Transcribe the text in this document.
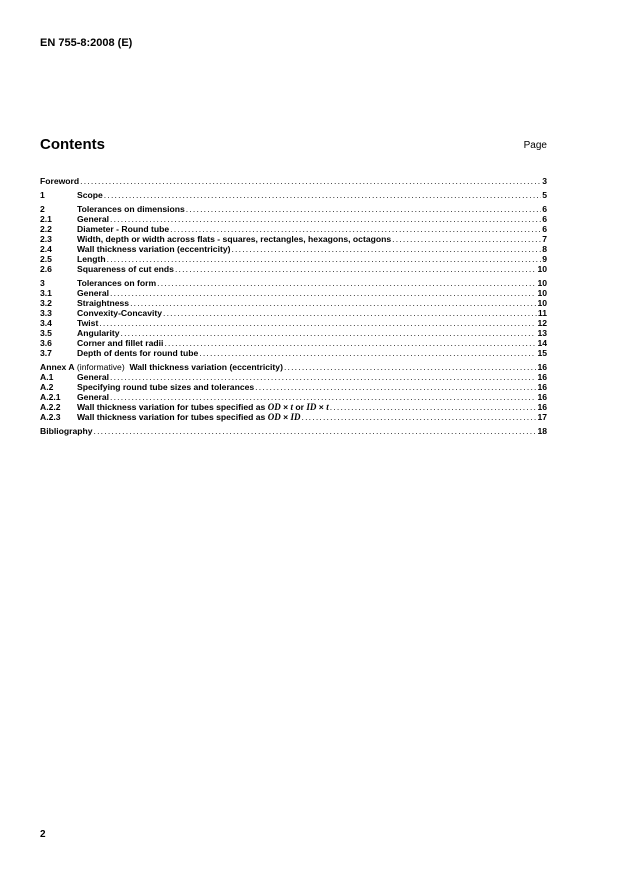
EN 755-8:2008 (E)
Contents	Page
Foreword . . .	3
1	Scope . . .	5
2	Tolerances on dimensions . . .	6
2.1	General . . .	6
2.2	Diameter - Round tube . . .	6
2.3	Width, depth or width across flats - squares, rectangles, hexagons, octagons . . .	7
2.4	Wall thickness variation (eccentricity) . . .	8
2.5	Length . . .	9
2.6	Squareness of cut ends . . .	10
3	Tolerances on form . . .	10
3.1	General . . .	10
3.2	Straightness . . .	10
3.3	Convexity-Concavity . . .	11
3.4	Twist . . .	12
3.5	Angularity . . .	13
3.6	Corner and fillet radii . . .	14
3.7	Depth of dents for round tube . . .	15
Annex A (informative)  Wall thickness variation (eccentricity) . . .	16
A.1	General . . .	16
A.2	Specifying round tube sizes and tolerances . . .	16
A.2.1	General . . .	16
A.2.2	Wall thickness variation for tubes specified as OD × t or ID × t . . .	16
A.2.3	Wall thickness variation for tubes specified as OD × ID . . .	17
Bibliography . . .	18
2
